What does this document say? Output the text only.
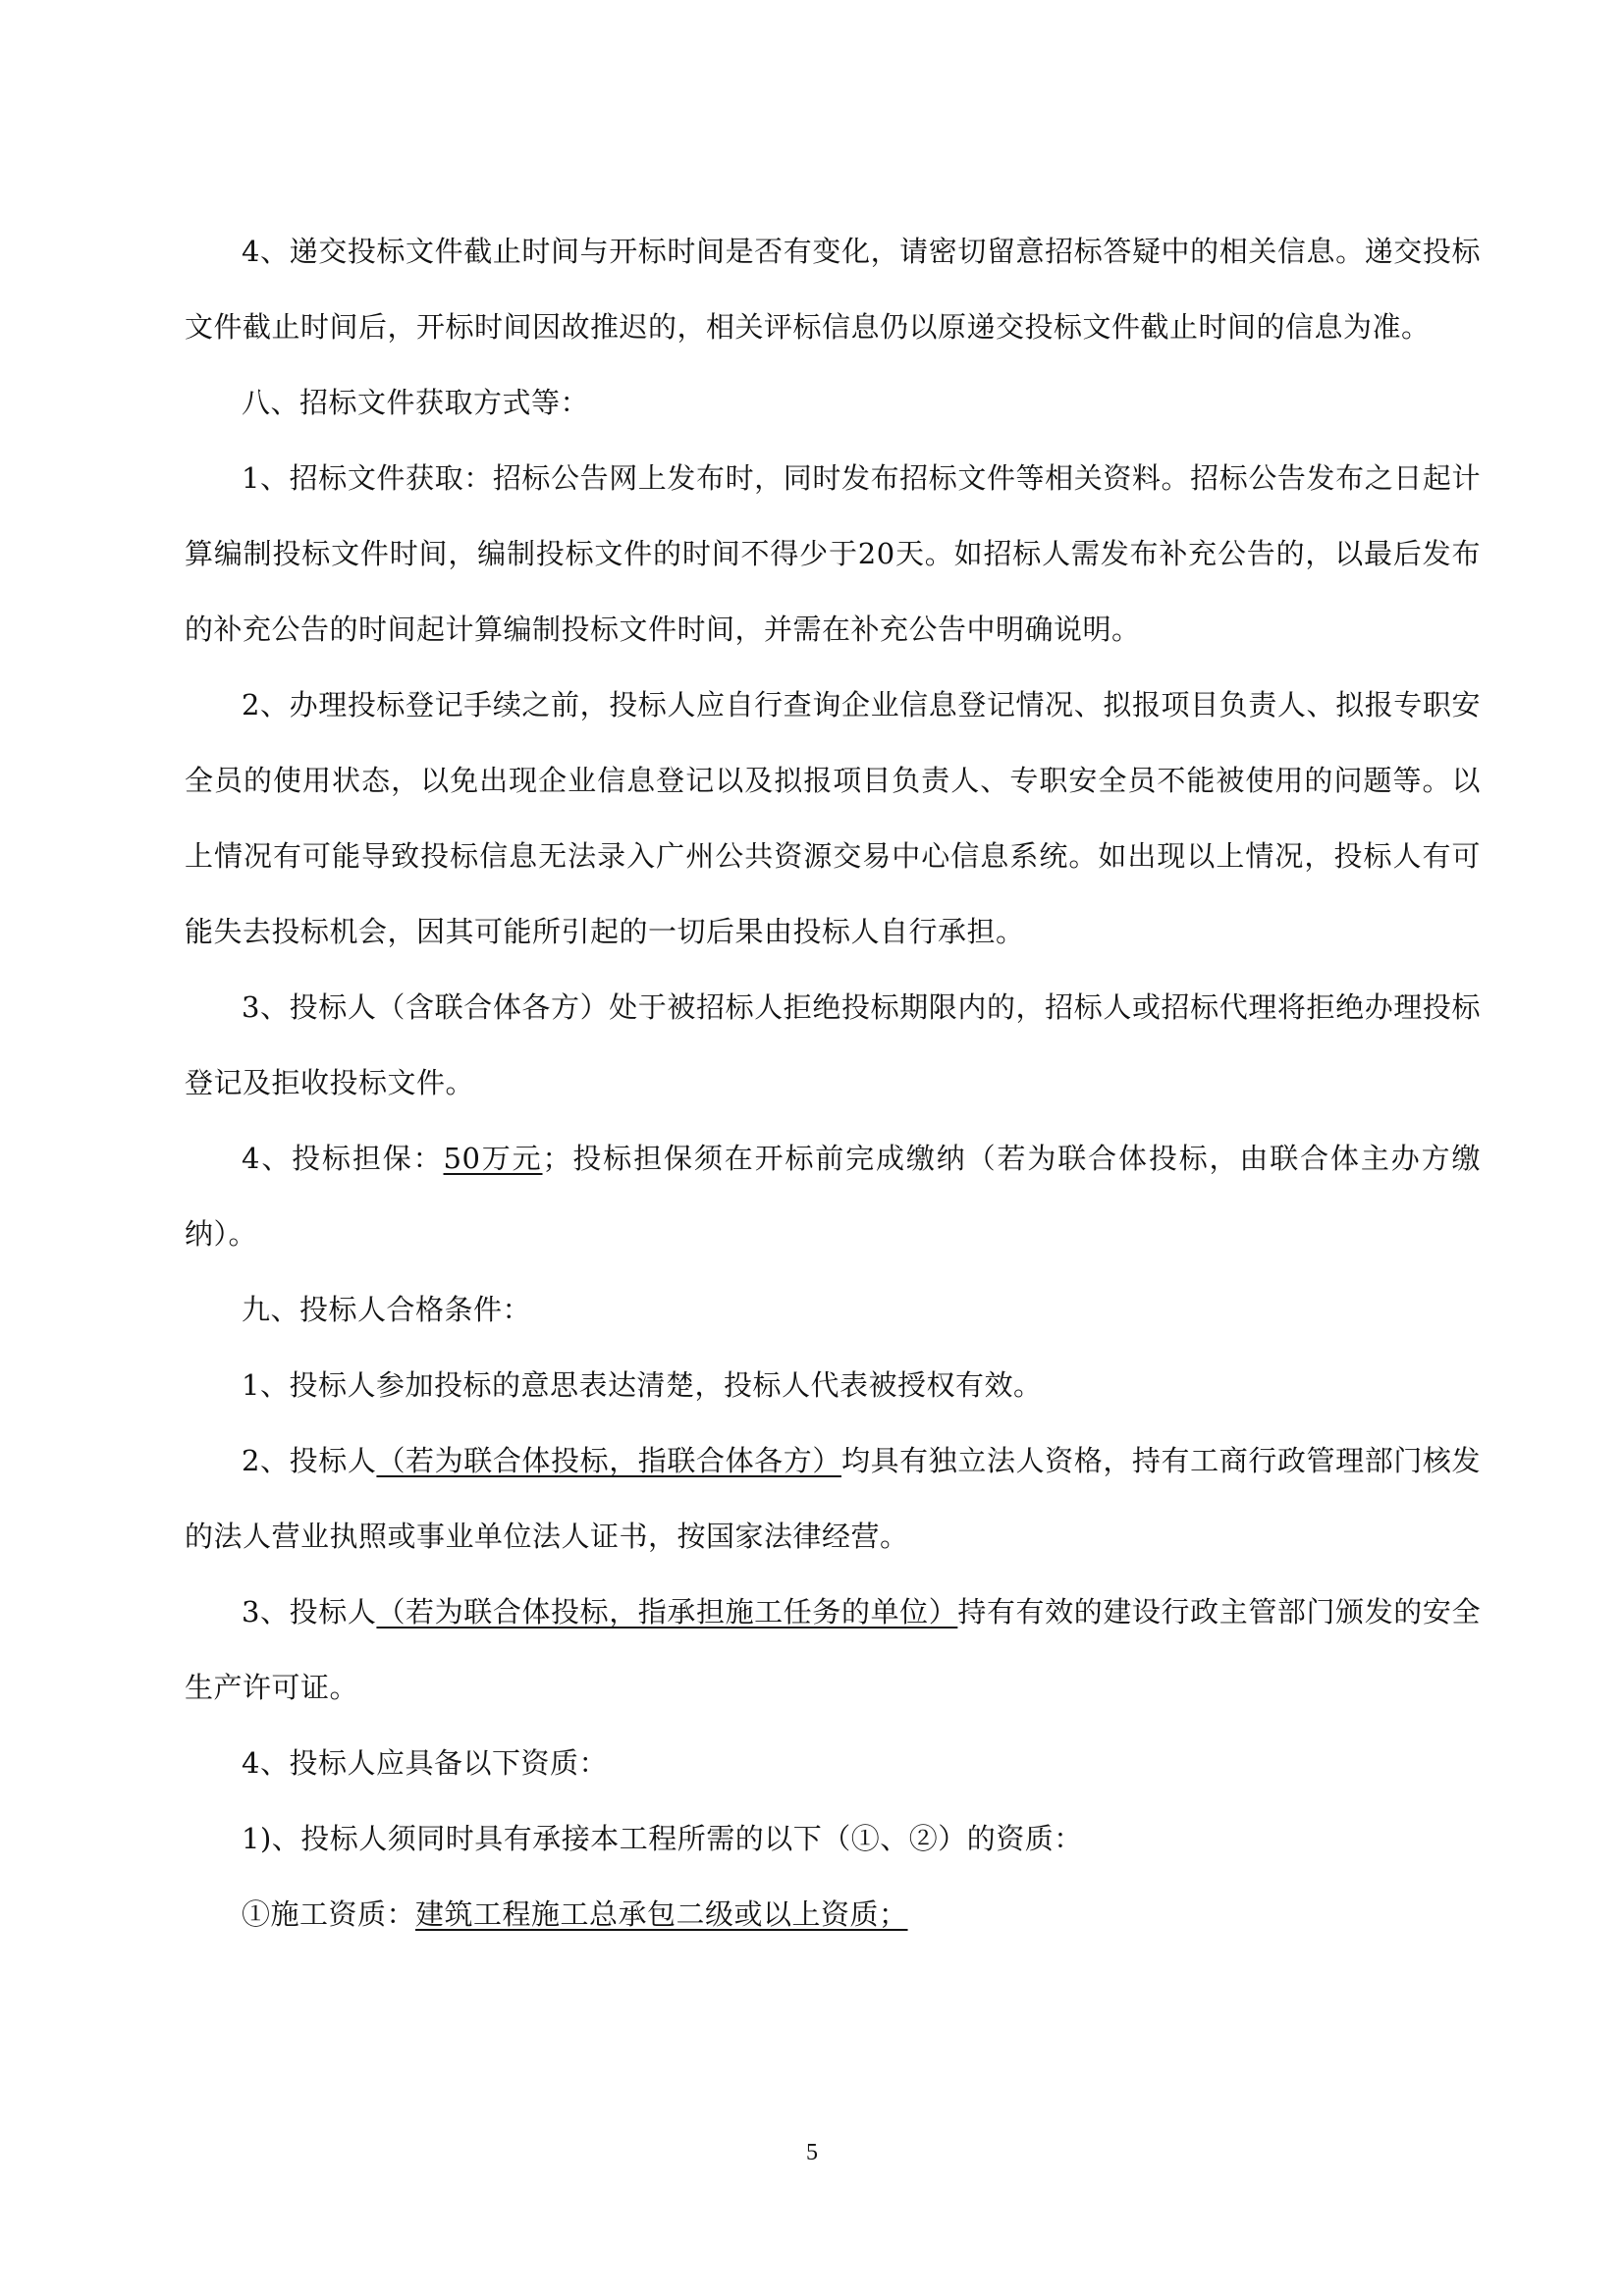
4、递交投标文件截止时间与开标时间是否有变化，请密切留意招标答疑中的相关信息。递交投标文件截止时间后，开标时间因故推迟的，相关评标信息仍以原递交投标文件截止时间的信息为准。

八、招标文件获取方式等：

1、招标文件获取：招标公告网上发布时，同时发布招标文件等相关资料。招标公告发布之日起计算编制投标文件时间，编制投标文件的时间不得少于20天。如招标人需发布补充公告的，以最后发布的补充公告的时间起计算编制投标文件时间，并需在补充公告中明确说明。

2、办理投标登记手续之前，投标人应自行查询企业信息登记情况、拟报项目负责人、拟报专职安全员的使用状态，以免出现企业信息登记以及拟报项目负责人、专职安全员不能被使用的问题等。以上情况有可能导致投标信息无法录入广州公共资源交易中心信息系统。如出现以上情况，投标人有可能失去投标机会，因其可能所引起的一切后果由投标人自行承担。

3、投标人（含联合体各方）处于被招标人拒绝投标期限内的，招标人或招标代理将拒绝办理投标登记及拒收投标文件。

4、投标担保：50万元；投标担保须在开标前完成缴纳（若为联合体投标，由联合体主办方缴纳）。

九、投标人合格条件：

1、投标人参加投标的意思表达清楚，投标人代表被授权有效。

2、投标人（若为联合体投标，指联合体各方）均具有独立法人资格，持有工商行政管理部门核发的法人营业执照或事业单位法人证书，按国家法律经营。

3、投标人（若为联合体投标，指承担施工任务的单位）持有有效的建设行政主管部门颁发的安全生产许可证。

4、投标人应具备以下资质：

1)、投标人须同时具有承接本工程所需的以下（①、②）的资质：

①施工资质：建筑工程施工总承包二级或以上资质；

5
